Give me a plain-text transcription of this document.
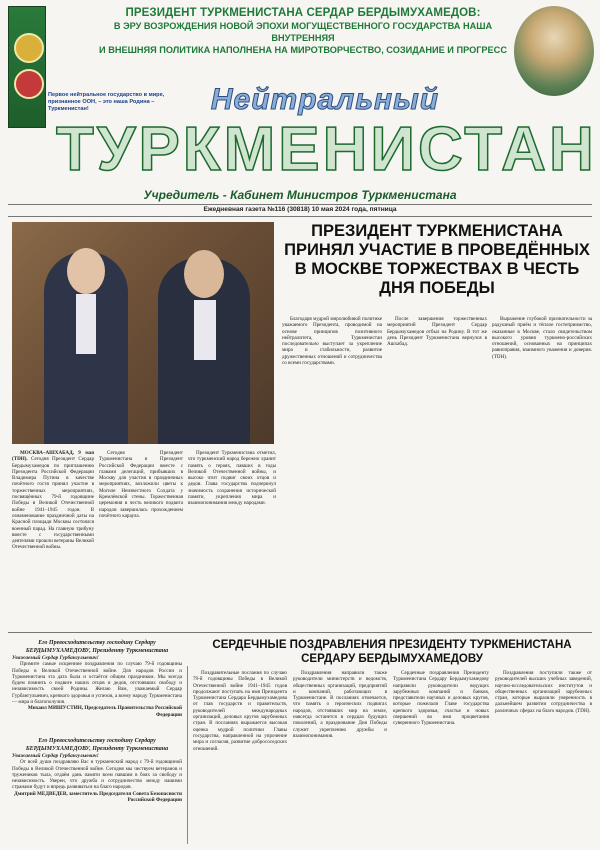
ПРЕЗИДЕНТ ТУРКМЕНИСТАНА СЕРДАР БЕРДЫМУХАМЕДОВ:
В ЭРУ ВОЗРОЖДЕНИЯ НОВОЙ ЭПОХИ МОГУЩЕСТВЕННОГО ГОСУДАРСТВА НАША ВНУТРЕННЯЯ
И ВНЕШНЯЯ ПОЛИТИКА НАПОЛНЕНА НА МИРОТВОРЧЕСТВО, СОЗИДАНИЕ И ПРОГРЕСС
Первое нейтральное государство в мире, признанное ООН, – это наша Родина – Туркменистан!	Нейтральный
ТУРКМЕНИСТАН
Учредитель - Кабинет Министров Туркменистана
Ежедневная газета №116 (30818) 10 мая 2024 года, пятница
ПРЕЗИДЕНТ ТУРКМЕНИСТАНА ПРИНЯЛ УЧАСТИЕ В ПРОВЕДЁННЫХ В МОСКВЕ ТОРЖЕСТВАХ В ЧЕСТЬ ДНЯ ПОБЕДЫ

Благодаря мудрой миролюбивой политике уважаемого Президента, проводимой на основе принципов позитивного нейтралитета, Туркменистан последовательно выступает за укрепление мира и стабильности, развитие дружественных отношений и сотрудничества со всеми государствами.

После завершения торжественных мероприятий Президент Сердар Бердымухамедов отбыл на Родину. В тот же день Президент Туркменистана вернулся в Ашхабад.

Выражение глубокой признательности за радушный приём и тёплое гостеприимство, оказанные в Москве, стало свидетельством высокого уровня туркмено-российских отношений, основанных на принципах равноправия, взаимного уважения и доверия. (TDH).

МОСКВА–АШХАБАД, 9 мая (TDH). Сегодня Президент Сердар Бердымухамедов по приглашению Президента Российской Федерации Владимира Путина в качестве почётного гостя принял участие в торжественных мероприятиях, посвящённых 79-й годовщине Победы в Великой Отечественной войне 1941–1945 годов. В ознаменование праздничной даты на Красной площади Москвы состоялся военный парад. На главную трибуну вместе с государственными деятелями прошли ветераны Великой Отечественной войны.

Сегодня Президент Туркменистана и Президент Российской Федерации вместе с главами делегаций, прибывших в Москву для участия в праздничных мероприятиях, возложили цветы к Могиле Неизвестного Солдата у Кремлёвской стены. Торжественная церемония в честь великого подвига народов завершилась прохождением почётного караула.

Президент Туркменистана отметил, что туркменский народ бережно хранит память о героях, павших в годы Великой Отечественной войны, и высоко чтит подвиг своих отцов и дедов. Глава государства подчеркнул значимость сохранения исторической памяти, укрепления мира и взаимопонимания между народами.

СЕРДЕЧНЫЕ ПОЗДРАВЛЕНИЯ ПРЕЗИДЕНТУ ТУРКМЕНИСТАНА СЕРДАРУ БЕРДЫМУХАМЕДОВУ
Его Превосходительству господину Сердару БЕРДЫМУХАМЕДОВУ, Президенту Туркменистана
Уважаемый Сердар Гурбангулыевич!

Примите самые искренние поздравления по случаю 79-й годовщины Победы в Великой Отечественной войне. Для народов России и Туркменистана эта дата была и остаётся общим праздником. Мы всегда будем помнить о подвиге наших отцов и дедов, отстоявших свободу и независимость своей Родины. Желаю Вам, уважаемый Сердар Гурбангулыевич, крепкого здоровья и успехов, а всему народу Туркменистана — мира и благополучия.

Михаил МИШУСТИН, Председатель Правительства Российской Федерации
Его Превосходительству господину Сердару БЕРДЫМУХАМЕДОВУ, Президенту Туркменистана
Уважаемый Сердар Гурбангулыевич!

От всей души поздравляю Вас и туркменский народ с 79-й годовщиной Победы в Великой Отечественной войне. Сегодня мы чествуем ветеранов и тружеников тыла, отдаём дань памяти всем павшим в боях за свободу и независимость. Уверен, что дружба и сотрудничество между нашими странами будут и впредь развиваться на благо народов.

Дмитрий МЕДВЕДЕВ, заместитель Председателя Совета Безопасности Российской Федерации

Поздравительные послания по случаю 79-й годовщины Победы в Великой Отечественной войне 1941–1945 годов продолжают поступать на имя Президента Туркменистана Сердара Бердымухамедова от глав государств и правительств, руководителей международных организаций, деловых кругов зарубежных стран. В посланиях выражается высокая оценка мудрой политики Главы государства, направленной на упрочение мира и согласия, развитие добрососедских отношений.

Поздравления направили также руководители министерств и ведомств, общественных организаций, предприятий и компаний, работающих в Туркменистане. В посланиях отмечается, что память о героических подвигах народов, отстоявших мир на земле, навсегда останется в сердцах будущих поколений, а празднование Дня Победы служит укреплению дружбы и взаимопонимания.

Сердечные поздравления Президенту Туркменистана Сердару Бердымухамедову направили руководители ведущих зарубежных компаний и банков, представители научных и деловых кругов, которые пожелали Главе государства крепкого здоровья, счастья и новых свершений во имя процветания суверенного Туркменистана.

Поздравления поступили также от руководителей высших учебных заведений, научно-исследовательских институтов и общественных организаций зарубежных стран, которые выразили уверенность в дальнейшем развитии сотрудничества в различных сферах на благо народов. (TDH).
